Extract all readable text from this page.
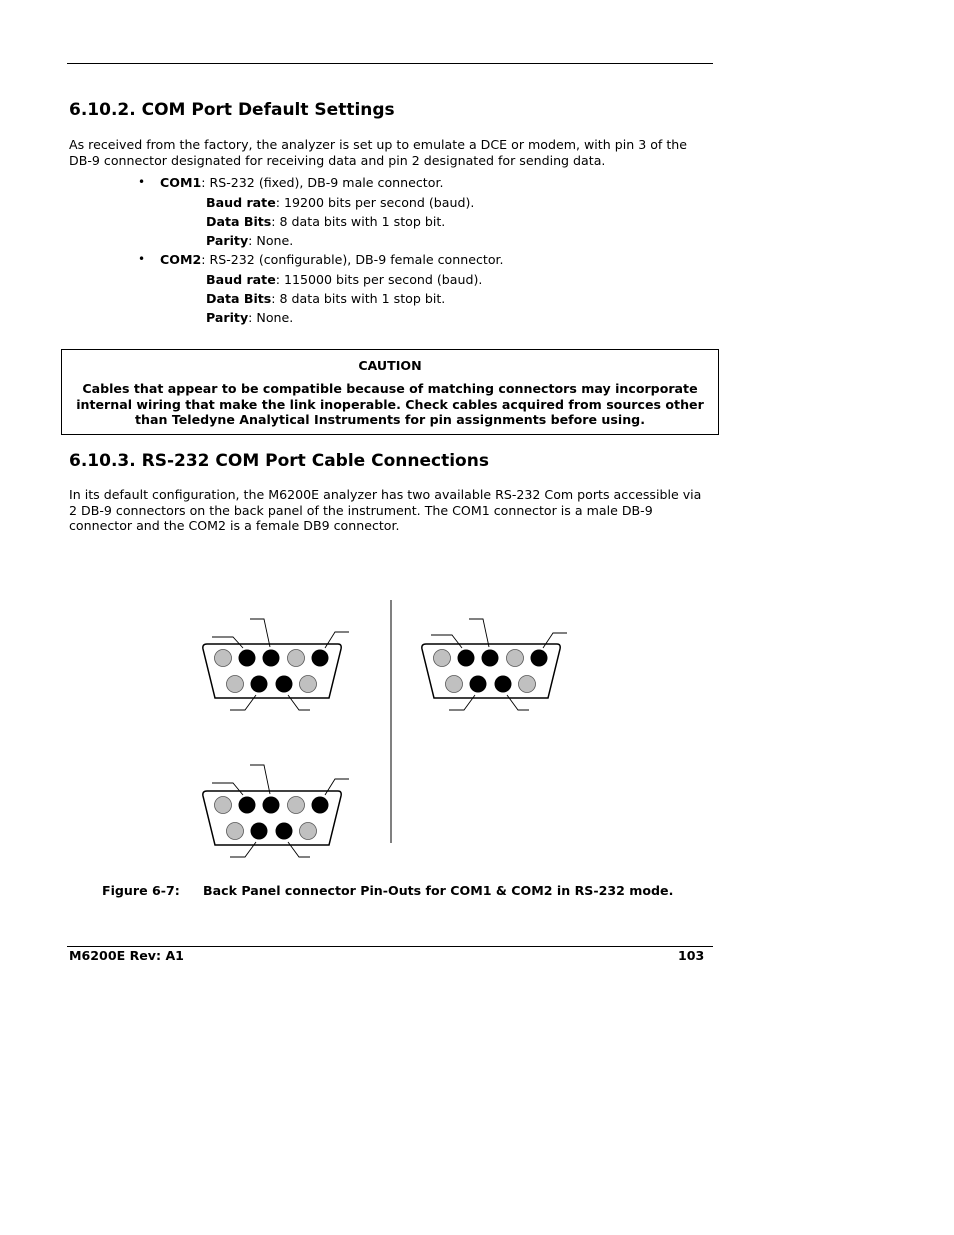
6.10.2. COM Port Default Settings

As received from the factory, the analyzer is set up to emulate a DCE or modem, with pin 3 of the DB-9 connector designated for receiving data and pin 2 designated for sending data.

• COM1: RS-232 (fixed), DB-9 male connector.
Baud rate: 19200 bits per second (baud).
Data Bits: 8 data bits with 1 stop bit.
Parity: None.
• COM2: RS-232 (configurable), DB-9 female connector.
Baud rate: 115000 bits per second (baud).
Data Bits: 8 data bits with 1 stop bit.
Parity: None.
CAUTION
Cables that appear to be compatible because of matching connectors may incorporate internal wiring that make the link inoperable. Check cables acquired from sources other than Teledyne Analytical Instruments for pin assignments before using.
6.10.3. RS-232 COM Port Cable Connections

In its default configuration, the M6200E analyzer has two available RS-232 Com ports accessible via 2 DB-9 connectors on the back panel of the instrument. The COM1 connector is a male DB-9 connector and the COM2 is a female DB9 connector.

Figure 6-7: Back Panel connector Pin-Outs for COM1 & COM2 in RS-232 mode.
M6200E Rev: A1	103
